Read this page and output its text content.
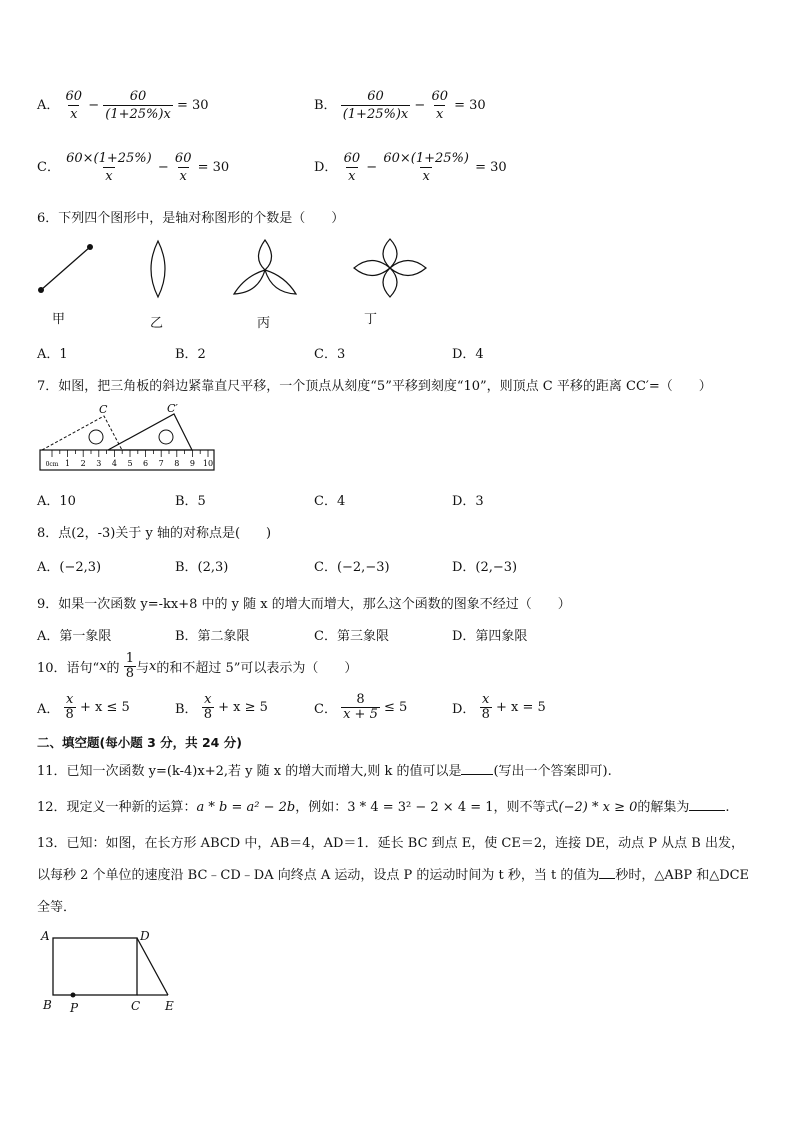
A． $\frac{60}{x} - \frac{60}{(1+25\%)x} = 30$	B． $\frac{60}{(1+25\%)x} - \frac{60}{x} = 30$
C． $\frac{60\times(1+25\%)}{x} - \frac{60}{x} = 30$	D． $\frac{60}{x} - \frac{60\times(1+25\%)}{x} = 30$
6．下列四个图形中，是轴对称图形的个数是（　　）
甲	乙	丙	丁
A．1	B．2	C．3	D．4
7．如图，把三角板的斜边紧靠直尺平移，一个顶点从刻度“5”平移到刻度“10”，则顶点 C 平移的距离 CC′=（　　）
0cm 1 2 3 4 5 6 7 8 9 10
C	C′
A．10	B．5	C．4	D．3
8．点(2，-3)关于 y 轴的对称点是(　　)
A．(−2,3)	B．(2,3)	C．(−2,−3)	D．(2,−3)
9．如果一次函数 y=-kx+8 中的 y 随 x 的增大而增大，那么这个函数的图象不经过（　　）
A．第一象限	B．第二象限	C．第三象限	D．第四象限
10．语句“x的 $\frac{1}{8}$ 与x的和不超过 5”可以表示为（　　）
A． $\frac{x}{8} + x \le 5$	B． $\frac{x}{8} + x \ge 5$	C． $\frac{8}{x + 5} \le 5$	D． $\frac{x}{8} + x = 5$
二、填空题(每小题 3 分，共 24 分)
11．已知一次函数 y=(k-4)x+2,若 y 随 x 的增大而增大,则 k 的值可以是 (写出一个答案即可).
12．现定义一种新的运算：a * b = a² − 2b，例如：3 * 4 = 3² − 2 × 4 = 1，则不等式(−2) * x ≥ 0的解集为	.
13．已知：如图，在长方形 ABCD 中，AB＝4，AD＝1．延长 BC 到点 E，使 CE＝2，连接 DE，动点 P 从点 B 出发，
以每秒 2 个单位的速度沿 BC﹣CD﹣DA 向终点 A 运动，设点 P 的运动时间为 t 秒，当 t 的值为 秒时，△ABP 和△DCE
全等．
A	D
B P	C E
